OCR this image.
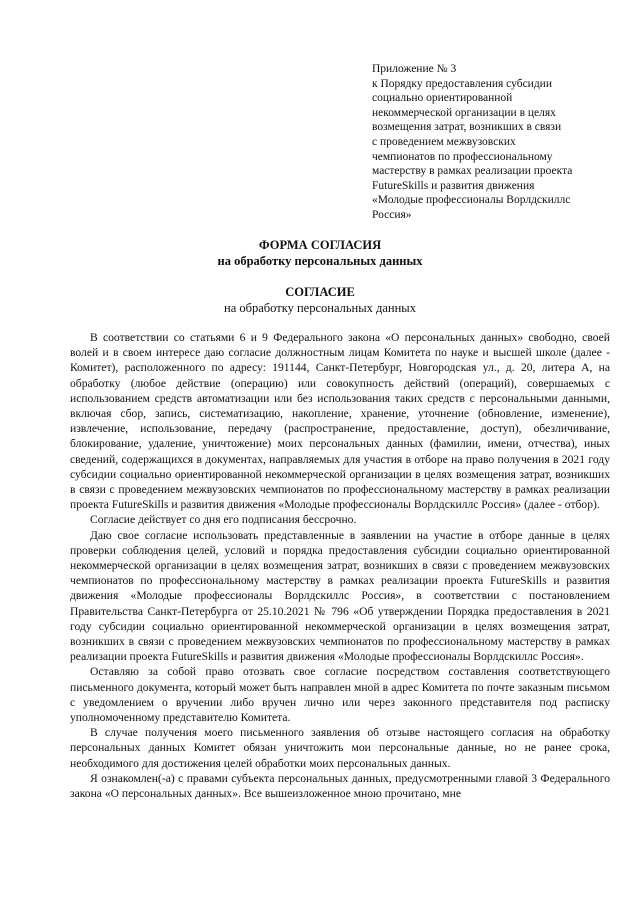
Приложение № 3
к Порядку предоставления субсидии
социально ориентированной
некоммерческой организации в целях
возмещения затрат, возникших в связи
с проведением межвузовских
чемпионатов по профессиональному
мастерству в рамках реализации проекта
FutureSkills и развития движения
«Молодые профессионалы Ворлдскиллс
Россия»
ФОРМА СОГЛАСИЯ
на обработку персональных данных
СОГЛАСИЕ
на обработку персональных данных

В соответствии со статьями 6 и 9 Федерального закона «О персональных данных» свободно, своей волей и в своем интересе даю согласие должностным лицам Комитета по науке и высшей школе (далее - Комитет), расположенного по адресу: 191144, Санкт-Петербург, Новгородская ул., д. 20, литера А, на обработку (любое действие (операцию) или совокупность действий (операций), совершаемых с использованием средств автоматизации или без использования таких средств с персональными данными, включая сбор, запись, систематизацию, накопление, хранение, уточнение (обновление, изменение), извлечение, использование, передачу (распространение, предоставление, доступ), обезличивание, блокирование, удаление, уничтожение) моих персональных данных (фамилии, имени, отчества), иных сведений, содержащихся в документах, направляемых для участия в отборе на право получения в 2021 году субсидии социально ориентированной некоммерческой организации в целях возмещения затрат, возникших в связи с проведением межвузовских чемпионатов по профессиональному мастерству в рамках реализации проекта FutureSkills и развития движения «Молодые профессионалы Ворлдскиллс Россия» (далее - отбор).

Согласие действует со дня его подписания бессрочно.

Даю свое согласие использовать представленные в заявлении на участие в отборе данные в целях проверки соблюдения целей, условий и порядка предоставления субсидии социально ориентированной некоммерческой организации в целях возмещения затрат, возникших в связи с проведением межвузовских чемпионатов по профессиональному мастерству в рамках реализации проекта FutureSkills и развития движения «Молодые профессионалы Ворлдскиллс Россия», в соответствии с постановлением Правительства Санкт-Петербурга от 25.10.2021 № 796 «Об утверждении Порядка предоставления в 2021 году субсидии социально ориентированной некоммерческой организации в целях возмещения затрат, возникших в связи с проведением межвузовских чемпионатов по профессиональному мастерству в рамках реализации проекта FutureSkills и развития движения «Молодые профессионалы Ворлдскиллс Россия».

Оставляю за собой право отозвать свое согласие посредством составления соответствующего письменного документа, который может быть направлен мной в адрес Комитета по почте заказным письмом с уведомлением о вручении либо вручен лично или через законного представителя под расписку уполномоченному представителю Комитета.

В случае получения моего письменного заявления об отзыве настоящего согласия на обработку персональных данных Комитет обязан уничтожить мои персональные данные, но не ранее срока, необходимого для достижения целей обработки моих персональных данных.

Я ознакомлен(-а) с правами субъекта персональных данных, предусмотренными главой 3 Федерального закона «О персональных данных». Все вышеизложенное мною прочитано, мне
